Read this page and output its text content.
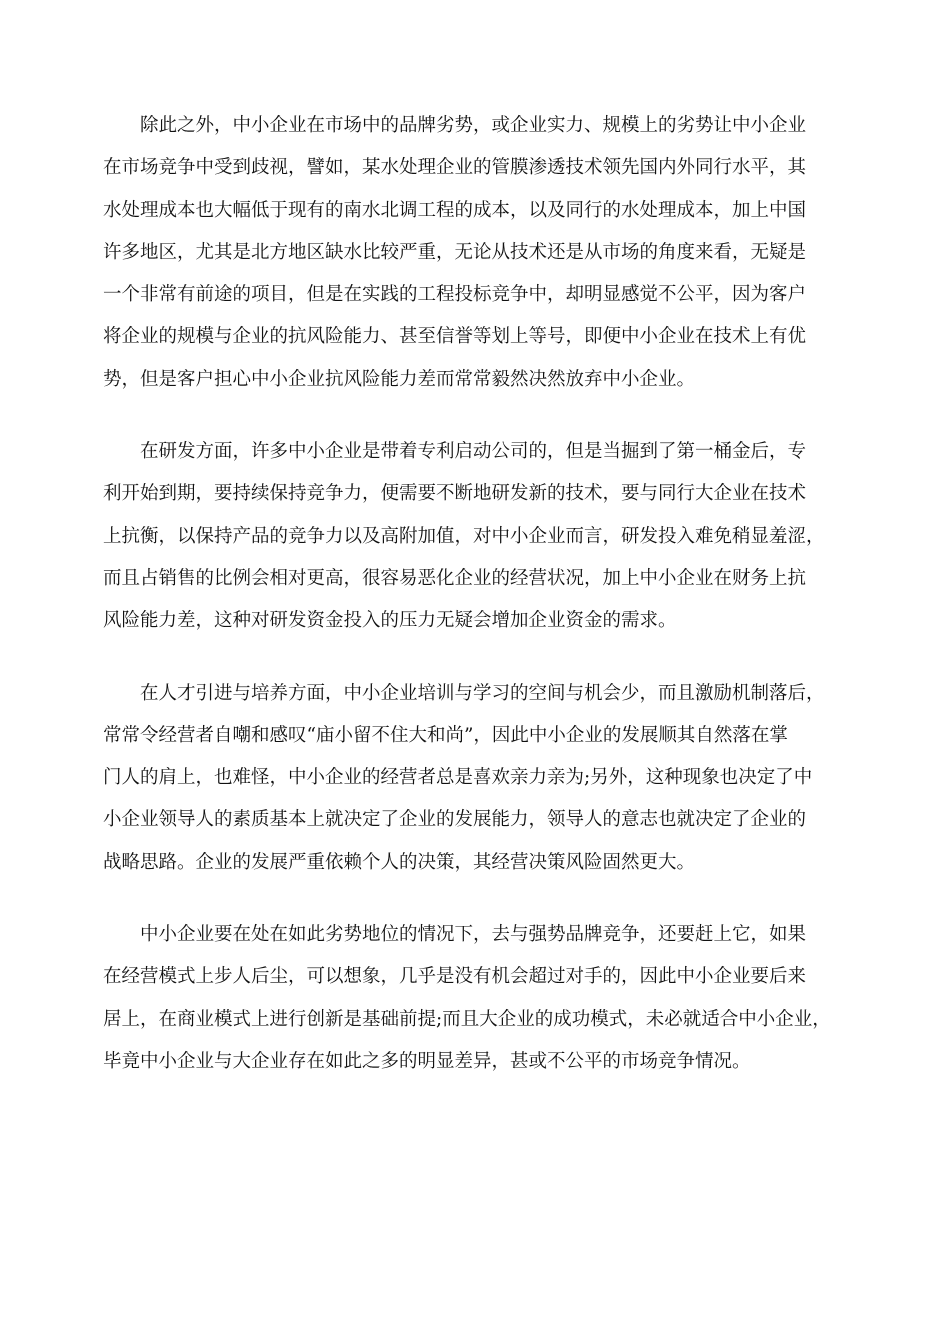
　　除此之外，中小企业在市场中的品牌劣势，或企业实力、规模上的劣势让中小企业
在市场竞争中受到歧视，譬如，某水处理企业的管膜渗透技术领先国内外同行水平，其
水处理成本也大幅低于现有的南水北调工程的成本，以及同行的水处理成本，加上中国
许多地区，尤其是北方地区缺水比较严重，无论从技术还是从市场的角度来看，无疑是
一个非常有前途的项目，但是在实践的工程投标竞争中，却明显感觉不公平，因为客户
将企业的规模与企业的抗风险能力、甚至信誉等划上等号，即便中小企业在技术上有优
势，但是客户担心中小企业抗风险能力差而常常毅然决然放弃中小企业。

　　在研发方面，许多中小企业是带着专利启动公司的，但是当掘到了第一桶金后，专
利开始到期，要持续保持竞争力，便需要不断地研发新的技术，要与同行大企业在技术
上抗衡，以保持产品的竞争力以及高附加值，对中小企业而言，研发投入难免稍显羞涩，
而且占销售的比例会相对更高，很容易恶化企业的经营状况，加上中小企业在财务上抗
风险能力差，这种对研发资金投入的压力无疑会增加企业资金的需求。

　　在人才引进与培养方面，中小企业培训与学习的空间与机会少，而且激励机制落后，
常常令经营者自嘲和感叹“庙小留不住大和尚”，因此中小企业的发展顺其自然落在掌
门人的肩上，也难怪，中小企业的经营者总是喜欢亲力亲为;另外，这种现象也决定了中
小企业领导人的素质基本上就决定了企业的发展能力，领导人的意志也就决定了企业的
战略思路。企业的发展严重依赖个人的决策，其经营决策风险固然更大。

　　中小企业要在处在如此劣势地位的情况下，去与强势品牌竞争，还要赶上它，如果
在经营模式上步人后尘，可以想象，几乎是没有机会超过对手的，因此中小企业要后来
居上，在商业模式上进行创新是基础前提;而且大企业的成功模式，未必就适合中小企业，
毕竟中小企业与大企业存在如此之多的明显差异，甚或不公平的市场竞争情况。
